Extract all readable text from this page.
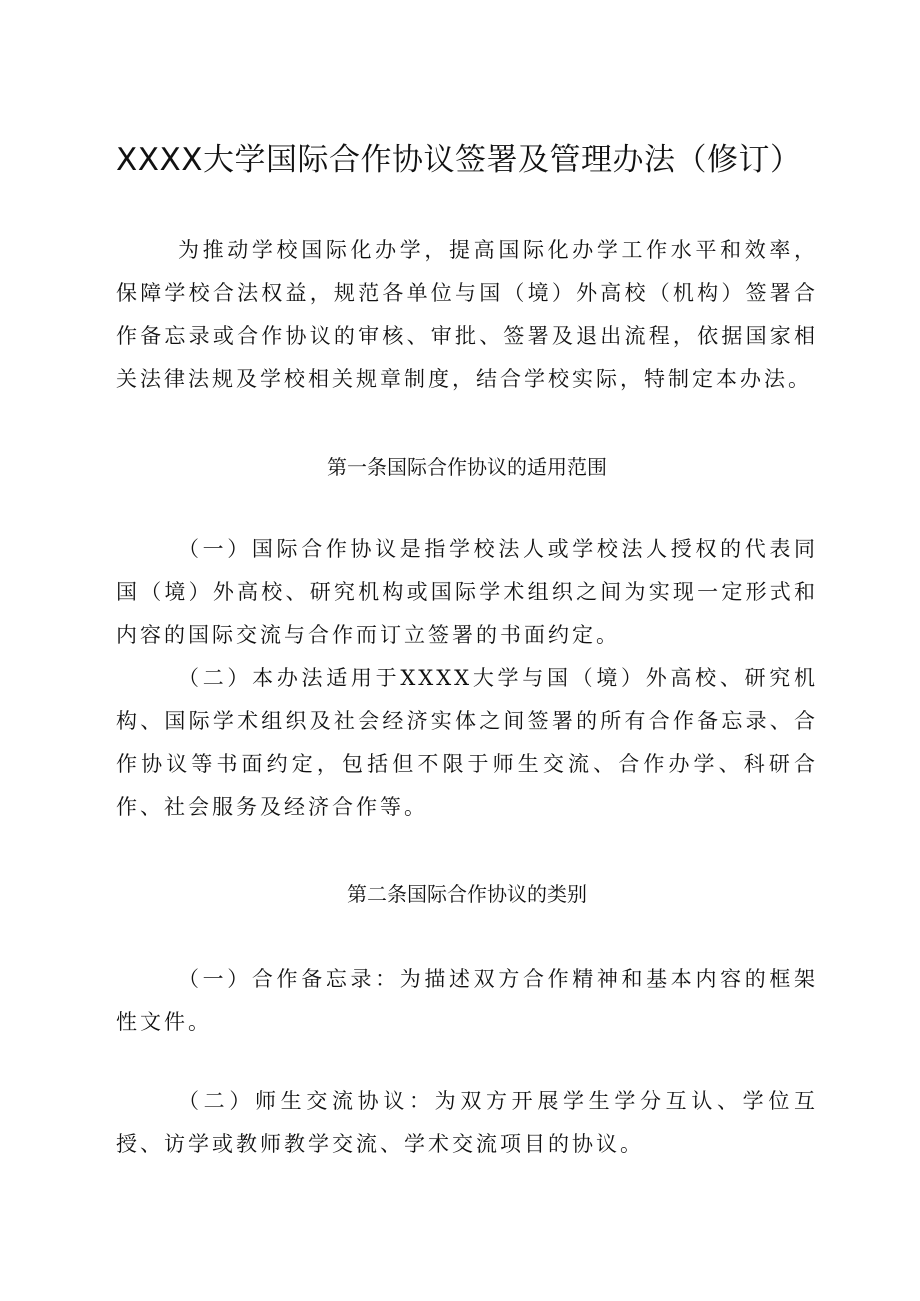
XXXX大学国际合作协议签署及管理办法（修订）

为推动学校国际化办学，提高国际化办学工作水平和效率，保障学校合法权益，规范各单位与国（境）外高校（机构）签署合作备忘录或合作协议的审核、审批、签署及退出流程，依据国家相关法律法规及学校相关规章制度，结合学校实际，特制定本办法。

第一条国际合作协议的适用范围

（一）国际合作协议是指学校法人或学校法人授权的代表同国（境）外高校、研究机构或国际学术组织之间为实现一定形式和内容的国际交流与合作而订立签署的书面约定。

（二）本办法适用于XXXX大学与国（境）外高校、研究机构、国际学术组织及社会经济实体之间签署的所有合作备忘录、合作协议等书面约定，包括但不限于师生交流、合作办学、科研合作、社会服务及经济合作等。

第二条国际合作协议的类别

（一）合作备忘录：为描述双方合作精神和基本内容的框架性文件。

（二）师生交流协议：为双方开展学生学分互认、学位互授、访学或教师教学交流、学术交流项目的协议。
